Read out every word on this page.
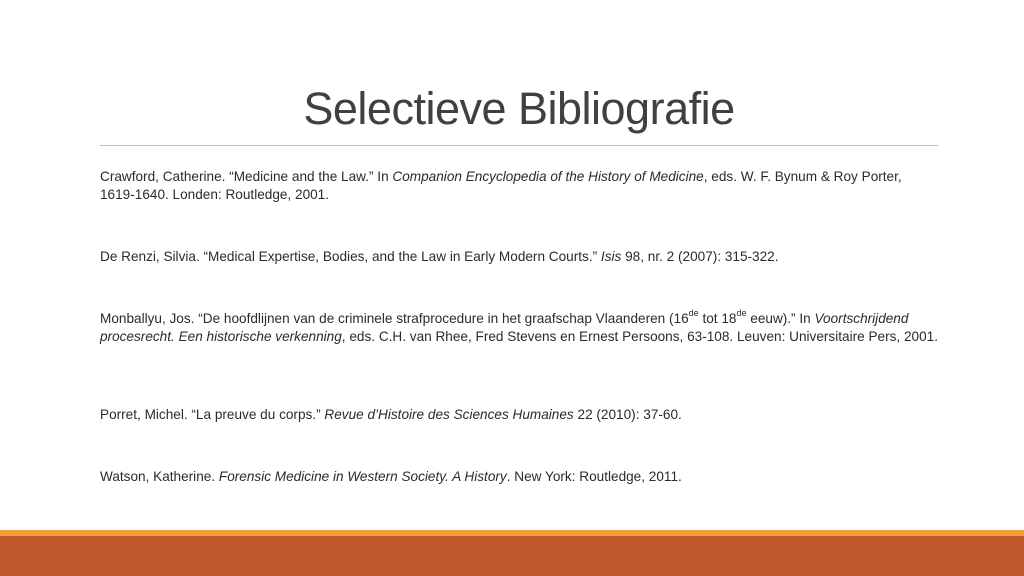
Selectieve Bibliografie

Crawford, Catherine. “Medicine and the Law.” In Companion Encyclopedia of the History of Medicine, eds. W. F. Bynum & Roy Porter, 1619-1640. Londen: Routledge, 2001.

De Renzi, Silvia. “Medical Expertise, Bodies, and the Law in Early Modern Courts.” Isis 98, nr. 2 (2007): 315-322.

Monballyu, Jos. “De hoofdlijnen van de criminele strafprocedure in het graafschap Vlaanderen (16de tot 18de eeuw).” In Voortschrijdend procesrecht. Een historische verkenning, eds. C.H. van Rhee, Fred Stevens en Ernest Persoons, 63-108. Leuven: Universitaire Pers, 2001.

Porret, Michel. “La preuve du corps.” Revue d’Histoire des Sciences Humaines 22 (2010): 37-60.

Watson, Katherine. Forensic Medicine in Western Society. A History. New York: Routledge, 2011.
